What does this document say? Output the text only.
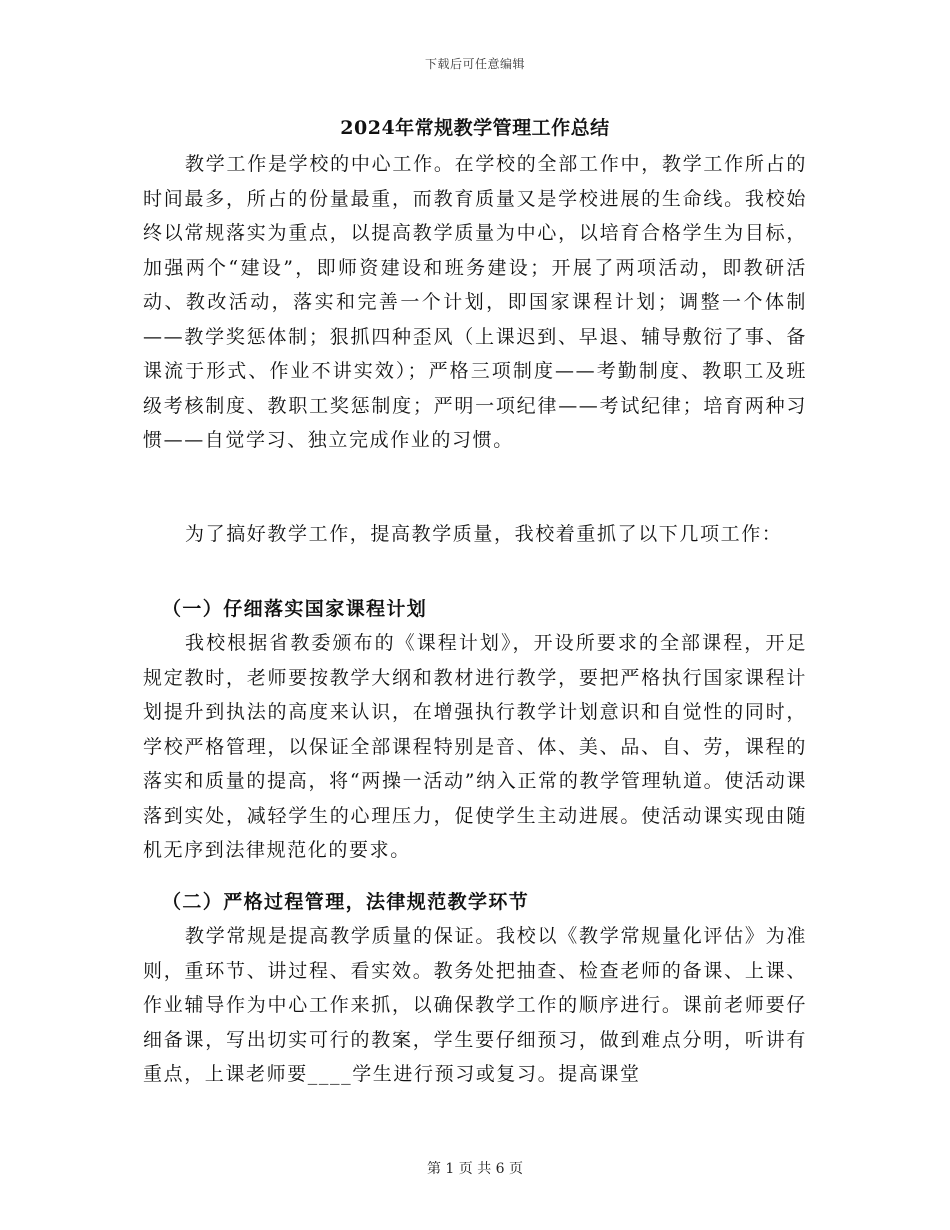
下载后可任意编辑
2024年常规教学管理工作总结

教学工作是学校的中心工作。在学校的全部工作中，教学工作所占的时间最多，所占的份量最重，而教育质量又是学校进展的生命线。我校始终以常规落实为重点，以提高教学质量为中心，以培育合格学生为目标，加强两个“建设”，即师资建设和班务建设；开展了两项活动，即教研活动、教改活动，落实和完善一个计划，即国家课程计划；调整一个体制——教学奖惩体制；狠抓四种歪风（上课迟到、早退、辅导敷衍了事、备课流于形式、作业不讲实效）；严格三项制度——考勤制度、教职工及班级考核制度、教职工奖惩制度；严明一项纪律——考试纪律；培育两种习惯——自觉学习、独立完成作业的习惯。

为了搞好教学工作，提高教学质量，我校着重抓了以下几项工作：

（一）仔细落实国家课程计划

我校根据省教委颁布的《课程计划》，开设所要求的全部课程，开足规定教时，老师要按教学大纲和教材进行教学，要把严格执行国家课程计划提升到执法的高度来认识，在增强执行教学计划意识和自觉性的同时，学校严格管理，以保证全部课程特别是音、体、美、品、自、劳，课程的落实和质量的提高，将“两操一活动”纳入正常的教学管理轨道。使活动课落到实处，减轻学生的心理压力，促使学生主动进展。使活动课实现由随机无序到法律规范化的要求。

（二）严格过程管理，法律规范教学环节

教学常规是提高教学质量的保证。我校以《教学常规量化评估》为准则，重环节、讲过程、看实效。教务处把抽查、检查老师的备课、上课、作业辅导作为中心工作来抓，以确保教学工作的顺序进行。课前老师要仔细备课，写出切实可行的教案，学生要仔细预习，做到难点分明，听讲有重点，上课老师要____学生进行预习或复习。提高课堂

第 1 页 共 6 页
